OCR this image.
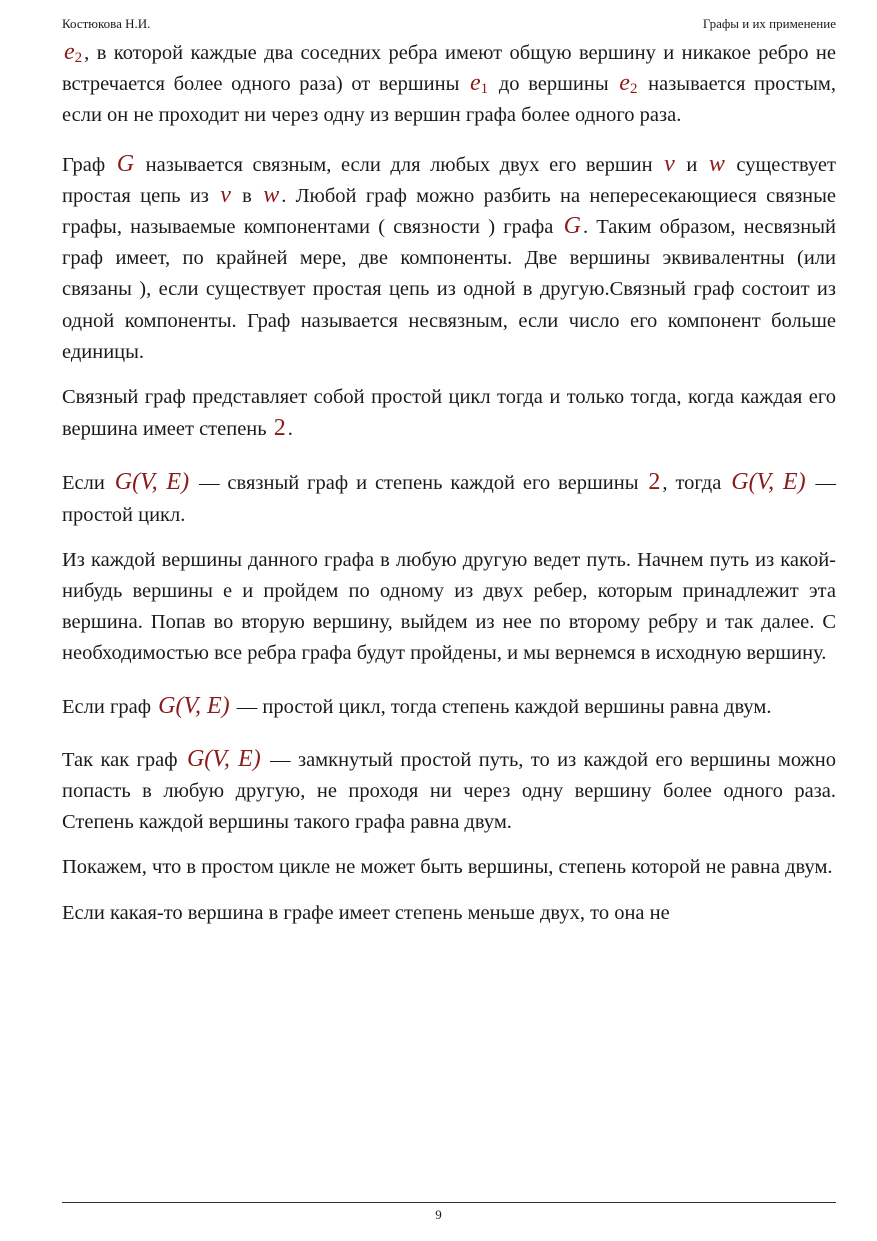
Костюкова Н.И.	Графы и их применение

$e_2$, в которой каждые два соседних ребра имеют общую вершину и никакое ребро не встречается более одного раза) от вершины $e_1$ до вершины $e_2$ называется простым, если он не проходит ни через одну из вершин графа более одного раза.

Граф G называется связным, если для любых двух его вершин v и w существует простая цепь из v в w. Любой граф можно разбить на непересекающиеся связные графы, называемые компонентами ( связности ) графа G. Таким образом, несвязный граф имеет, по крайней мере, две компоненты. Две вершины эквивалентны (или связаны ), если существует простая цепь из одной в другую.Связный граф состоит из одной компоненты. Граф называется несвязным, если число его компонент больше единицы.

Связный граф представляет собой простой цикл тогда и только тогда, когда каждая его вершина имеет степень 2.

Если G(V, E) — связный граф и степень каждой его вершины 2, тогда G(V, E) — простой цикл.

Из каждой вершины данного графа в любую другую ведет путь. Начнем путь из какой-нибудь вершины e и пройдем по одному из двух ребер, которым принадлежит эта вершина. Попав во вторую вершину, выйдем из нее по второму ребру и так далее. С необходимостью все ребра графа будут пройдены, и мы вернемся в исходную вершину.

Если граф G(V, E) — простой цикл, тогда степень каждой вершины равна двум.

Так как граф G(V, E) — замкнутый простой путь, то из каждой его вершины можно попасть в любую другую, не проходя ни через одну вершину более одного раза. Степень каждой вершины такого графа равна двум.

Покажем, что в простом цикле не может быть вершины, степень которой не равна двум.

Если какая-то вершина в графе имеет степень меньше двух, то она не

9
